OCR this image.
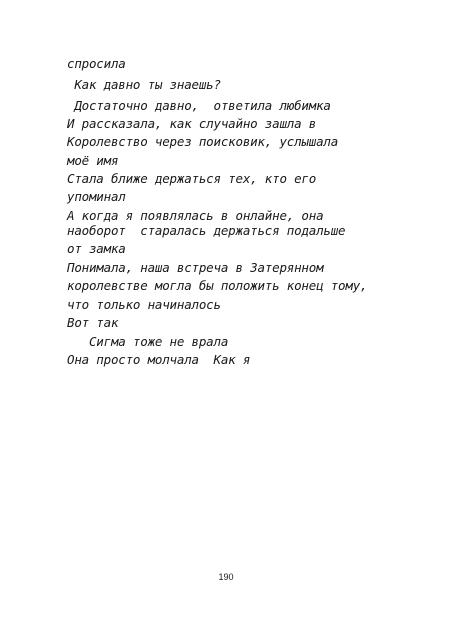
спросила
Как давно ты знаешь?
Достаточно давно,  ответила любимка
И рассказала, как случайно зашла в
Королевство через поисковик, услышала
моё имя
Стала ближе держаться тех, кто его
упоминал
А когда я появлялась в онлайне, она
наоборот  старалась держаться подальше
от замка
Понимала, наша встреча в Затерянном
королевстве могла бы положить конец тому,
что только начиналось
Вот так
Сигма тоже не врала
Она просто молчала  Как я
190
